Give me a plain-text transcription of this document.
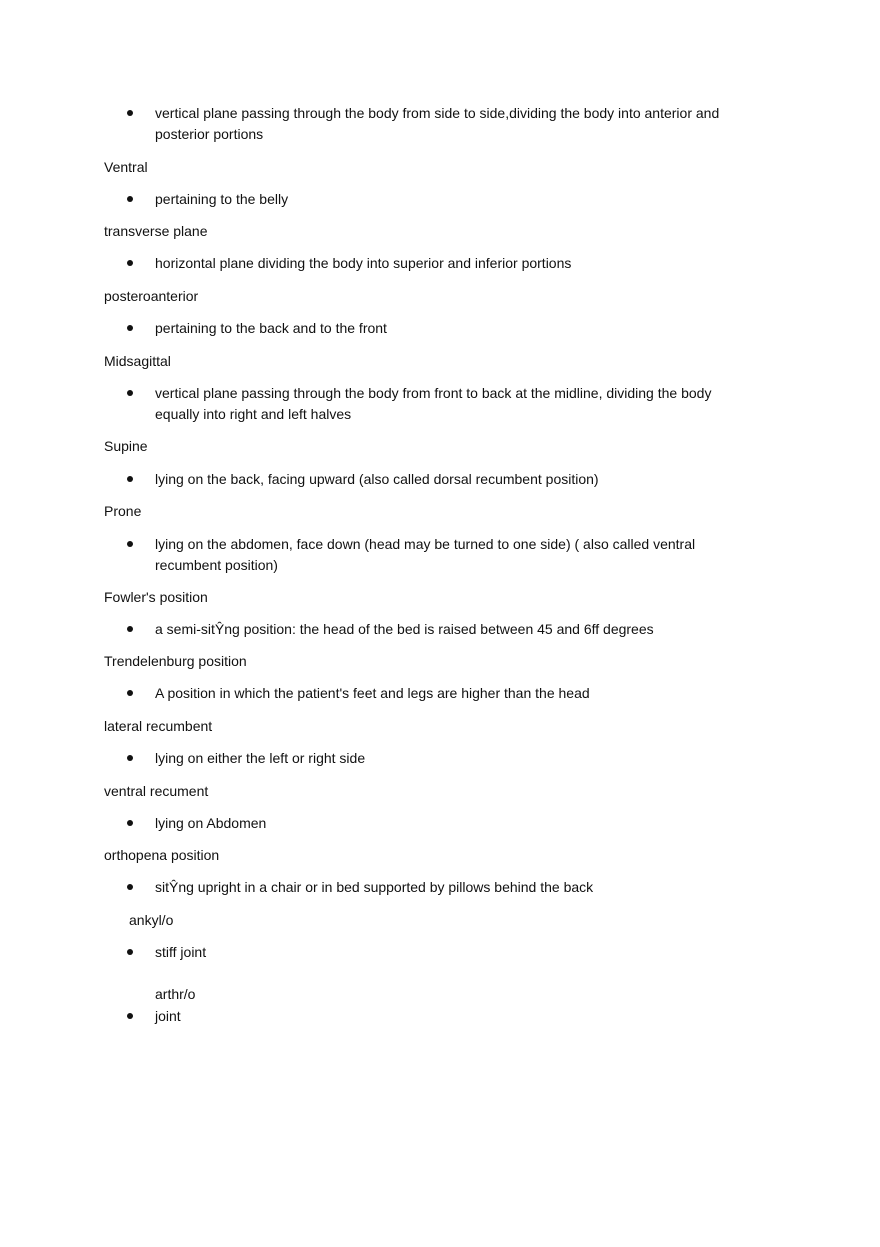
vertical plane passing through the body from side to side,dividing the body into anterior and posterior portions
Ventral
pertaining to the belly
transverse plane
horizontal plane dividing the body into superior and inferior portions
posteroanterior
pertaining to the back and to the front
Midsagittal
vertical plane passing through the body from front to back at the midline, dividing the body equally into right and left halves
Supine
lying on the back, facing upward (also called dorsal recumbent position)
Prone
lying on the abdomen, face down (head may be turned to one side) ( also called ventral recumbent position)
Fowler's position
a semi-sitŶng position: the head of the bed is raised between 45 and 6ff degrees
Trendelenburg position
A position in which the patient's feet and legs are higher than the head
lateral recumbent
lying on either the left or right side
ventral recument
lying on Abdomen
orthopena position
sitŶng upright in a chair or in bed supported by pillows behind the back
ankyl/o
stiff joint
arthr/o
joint
